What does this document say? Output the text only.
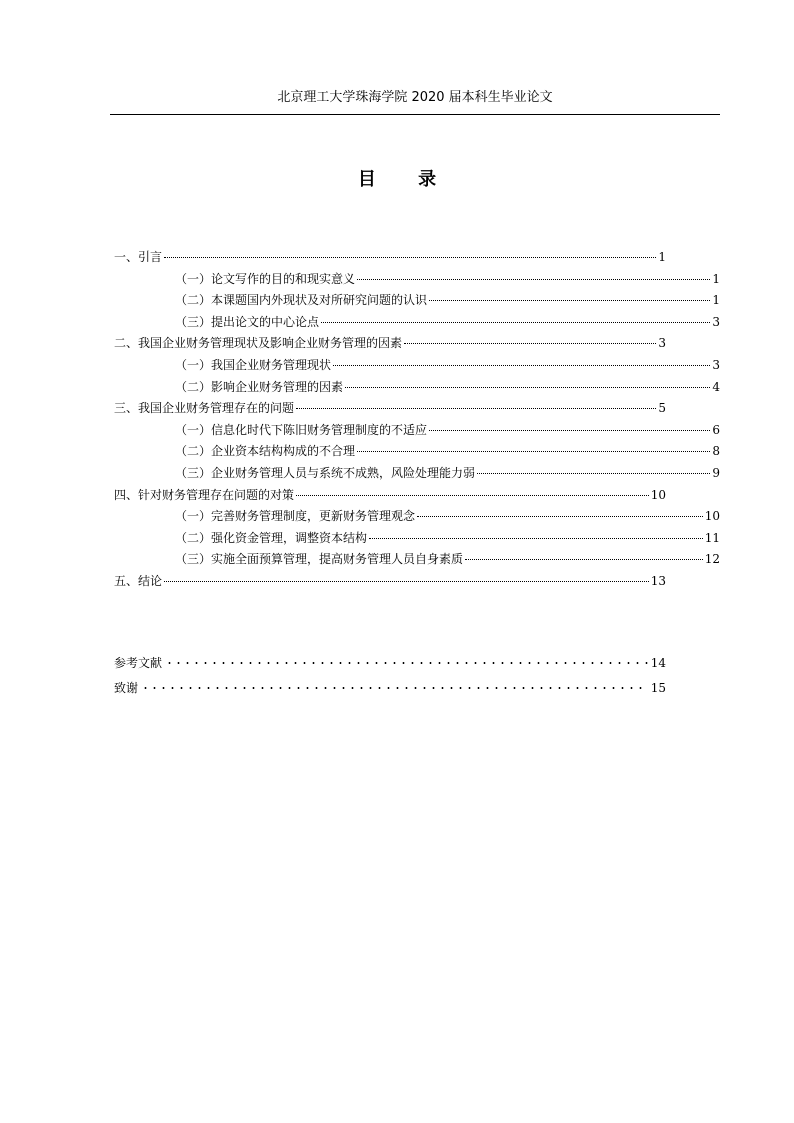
北京理工大学珠海学院 2020 届本科生毕业论文
目 录
一、引言	1
（一）论文写作的目的和现实意义	1
（二）本课题国内外现状及对所研究问题的认识	1
（三）提出论文的中心论点	3
二、我国企业财务管理现状及影响企业财务管理的因素	3
（一）我国企业财务管理现状	3
（二）影响企业财务管理的因素	4
三、我国企业财务管理存在的问题	5
（一）信息化时代下陈旧财务管理制度的不适应	6
（二）企业资本结构构成的不合理	8
（三）企业财务管理人员与系统不成熟，风险处理能力弱	9
四、针对财务管理存在问题的对策	10
（一）完善财务管理制度，更新财务管理观念	10
（二）强化资金管理，调整资本结构	11
（三）实施全面预算管理，提高财务管理人员自身素质	12
五、结论	13
参考文献	14
致谢	15
